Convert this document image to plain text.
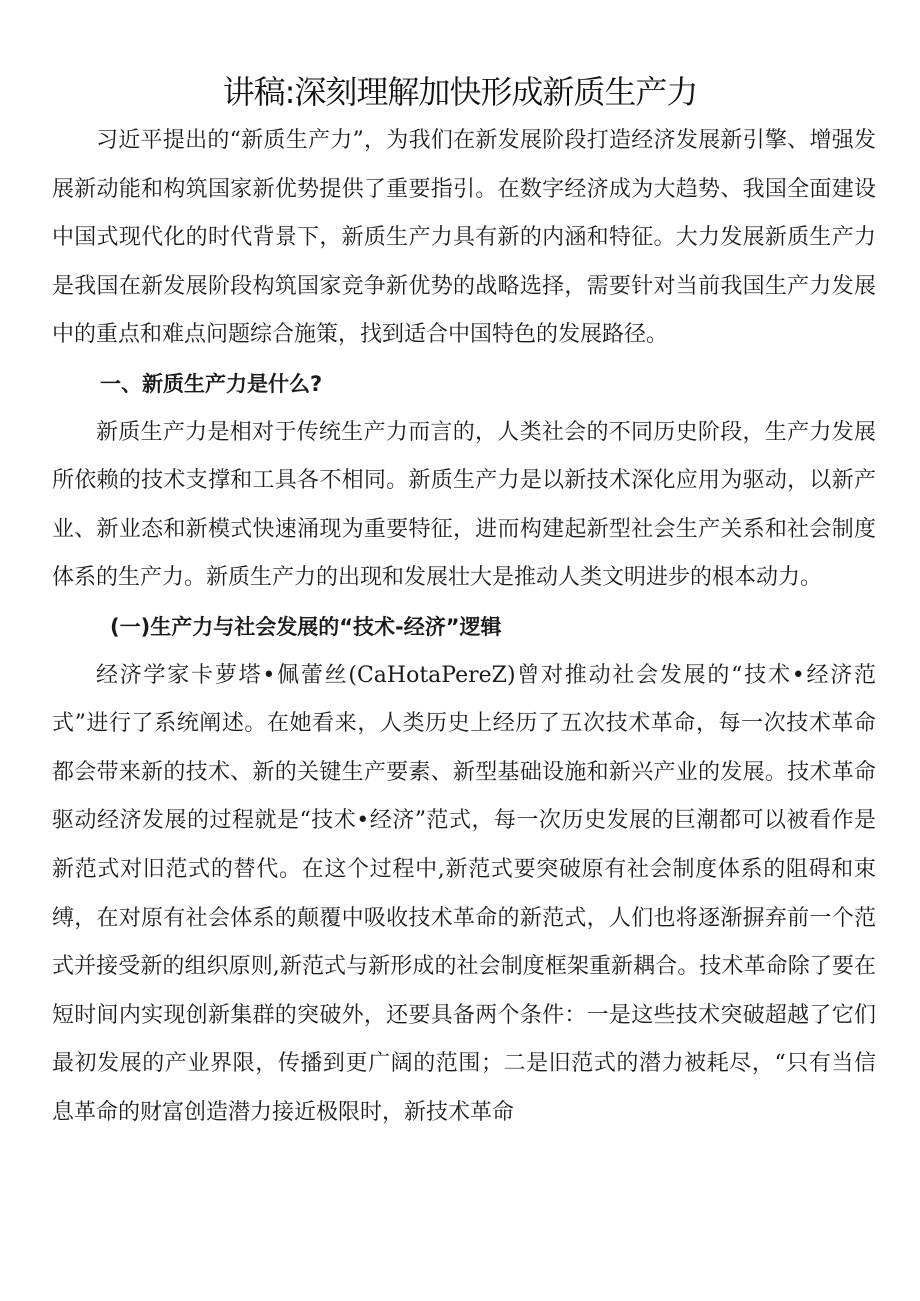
讲稿:深刻理解加快形成新质生产力

习近平提出的“新质生产力”，为我们在新发展阶段打造经济发展新引擎、增强发展新动能和构筑国家新优势提供了重要指引。在数字经济成为大趋势、我国全面建设中国式现代化的时代背景下，新质生产力具有新的内涵和特征。大力发展新质生产力是我国在新发展阶段构筑国家竞争新优势的战略选择，需要针对当前我国生产力发展中的重点和难点问题综合施策，找到适合中国特色的发展路径。

一、新质生产力是什么?

新质生产力是相对于传统生产力而言的，人类社会的不同历史阶段，生产力发展所依赖的技术支撑和工具各不相同。新质生产力是以新技术深化应用为驱动，以新产业、新业态和新模式快速涌现为重要特征，进而构建起新型社会生产关系和社会制度体系的生产力。新质生产力的出现和发展壮大是推动人类文明进步的根本动力。

(一)生产力与社会发展的“技术-经济”逻辑

经济学家卡萝塔•佩蕾丝(CaHotaPereZ)曾对推动社会发展的“技术•经济范式”进行了系统阐述。在她看来，人类历史上经历了五次技术革命，每一次技术革命都会带来新的技术、新的关键生产要素、新型基础设施和新兴产业的发展。技术革命驱动经济发展的过程就是“技术•经济”范式，每一次历史发展的巨潮都可以被看作是新范式对旧范式的替代。在这个过程中,新范式要突破原有社会制度体系的阻碍和束缚，在对原有社会体系的颠覆中吸收技术革命的新范式，人们也将逐渐摒弃前一个范式并接受新的组织原则,新范式与新形成的社会制度框架重新耦合。技术革命除了要在短时间内实现创新集群的突破外，还要具备两个条件：一是这些技术突破超越了它们最初发展的产业界限，传播到更广阔的范围；二是旧范式的潜力被耗尽，“只有当信息革命的财富创造潜力接近极限时，新技术革命
